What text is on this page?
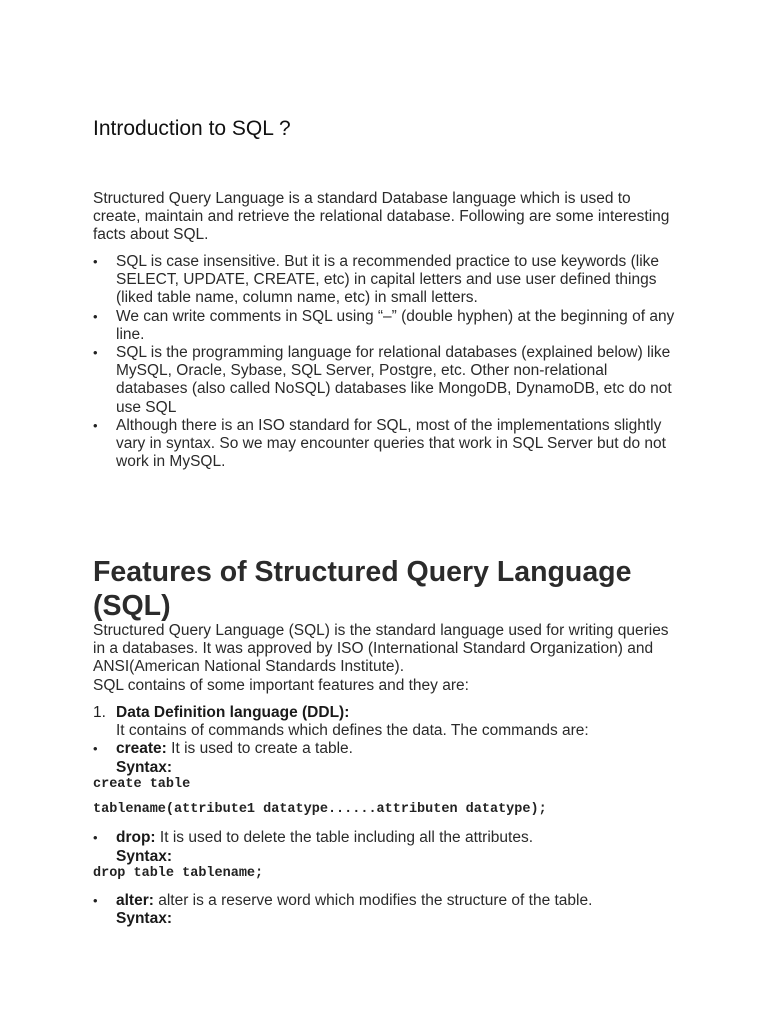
Introduction to SQL ?

Structured Query Language is a standard Database language which is used to create, maintain and retrieve the relational database. Following are some interesting facts about SQL.

• SQL is case insensitive. But it is a recommended practice to use keywords (like SELECT, UPDATE, CREATE, etc) in capital letters and use user defined things (liked table name, column name, etc) in small letters.
• We can write comments in SQL using “–” (double hyphen) at the beginning of any line.
• SQL is the programming language for relational databases (explained below) like MySQL, Oracle, Sybase, SQL Server, Postgre, etc. Other non-relational databases (also called NoSQL) databases like MongoDB, DynamoDB, etc do not use SQL
• Although there is an ISO standard for SQL, most of the implementations slightly vary in syntax. So we may encounter queries that work in SQL Server but do not work in MySQL.
Features of Structured Query Language (SQL)

Structured Query Language (SQL) is the standard language used for writing queries in a databases. It was approved by ISO (International Standard Organization) and ANSI(American National Standards Institute).

SQL contains of some important features and they are:

1. Data Definition language (DDL):

It contains of commands which defines the data. The commands are:

• create: It is used to create a table.
Syntax:
create table
tablename(attribute1 datatype......attributen datatype);
• drop: It is used to delete the table including all the attributes.
Syntax:
drop table tablename;
• alter: alter is a reserve word which modifies the structure of the table.
Syntax:
